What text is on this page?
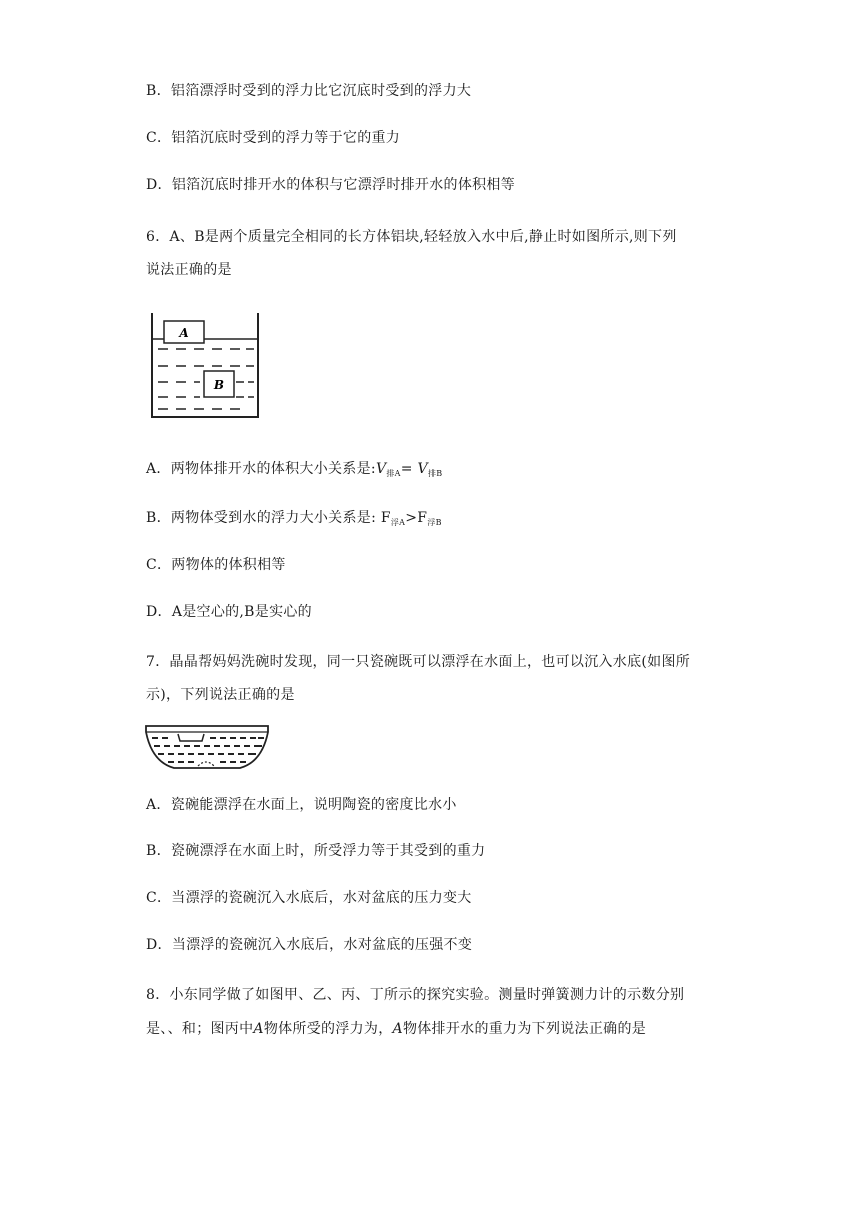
B．铝箔漂浮时受到的浮力比它沉底时受到的浮力大
C．铝箔沉底时受到的浮力等于它的重力
D．铝箔沉底时排开水的体积与它漂浮时排开水的体积相等
6．A、B是两个质量完全相同的长方体铝块,轻轻放入水中后,静止时如图所示,则下列
说法正确的是
A
B
A．两物体排开水的体积大小关系是$:V_{排A}= V_{排B}$
B．两物体受到水的浮力大小关系是: $F_{浮A}>F_{浮B}$
C．两物体的体积相等
D．A是空心的,B是实心的
7．晶晶帮妈妈洗碗时发现，同一只瓷碗既可以漂浮在水面上，也可以沉入水底(如图所
示)，下列说法正确的是
A．瓷碗能漂浮在水面上，说明陶瓷的密度比水小
B．瓷碗漂浮在水面上时，所受浮力等于其受到的重力
C．当漂浮的瓷碗沉入水底后，水对盆底的压力变大
D．当漂浮的瓷碗沉入水底后，水对盆底的压强不变
8．小东同学做了如图甲、乙、丙、丁所示的探究实验。测量时弹簧测力计的示数分别
是、、和；图丙中A物体所受的浮力为，A物体排开水的重力为下列说法正确的是
